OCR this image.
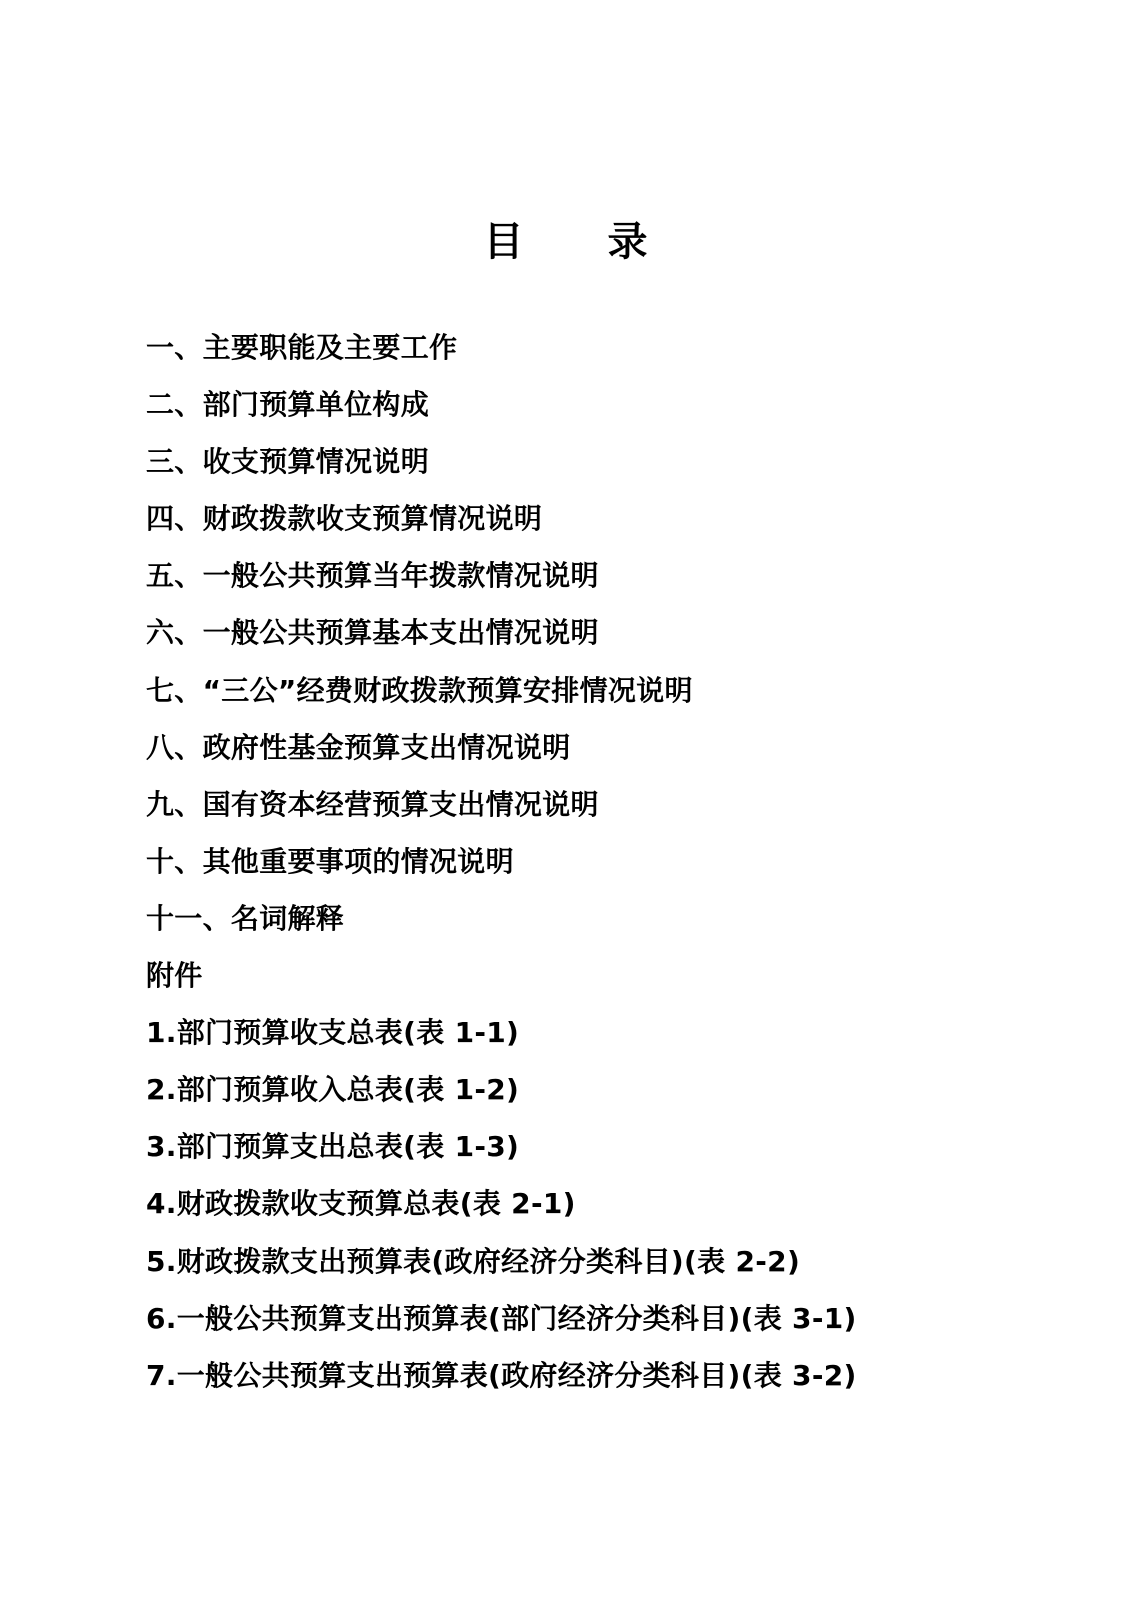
目 录
一、主要职能及主要工作
二、部门预算单位构成
三、收支预算情况说明
四、财政拨款收支预算情况说明
五、一般公共预算当年拨款情况说明
六、一般公共预算基本支出情况说明
七、“三公”经费财政拨款预算安排情况说明
八、政府性基金预算支出情况说明
九、国有资本经营预算支出情况说明
十、其他重要事项的情况说明
十一、名词解释
附件
1.部门预算收支总表(表 1-1)
2.部门预算收入总表(表 1-2)
3.部门预算支出总表(表 1-3)
4.财政拨款收支预算总表(表 2-1)
5.财政拨款支出预算表(政府经济分类科目)(表 2-2)
6.一般公共预算支出预算表(部门经济分类科目)(表 3-1)
7.一般公共预算支出预算表(政府经济分类科目)(表 3-2)
